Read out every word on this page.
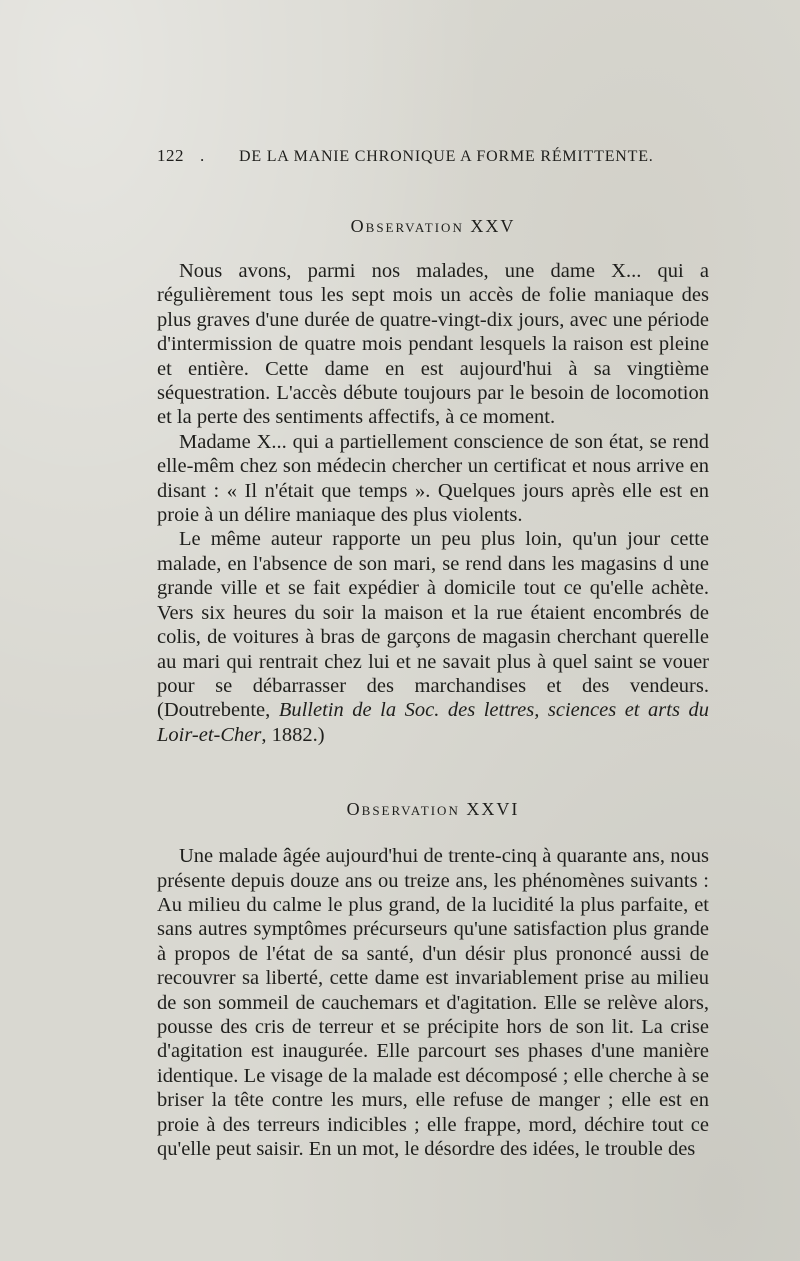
122 .	DE LA MANIE CHRONIQUE A FORME RÉMITTENTE.
Observation XXV

Nous avons, parmi nos malades, une dame X... qui a régulièrement tous les sept mois un accès de folie maniaque des plus graves d'une durée de quatre-vingt-dix jours, avec une période d'intermission de quatre mois pendant lesquels la raison est pleine et entière. Cette dame en est aujourd'hui à sa vingtième séquestration. L'accès débute toujours par le besoin de locomotion et la perte des sentiments affectifs, à ce moment.

Madame X... qui a partiellement conscience de son état, se rend elle-mêm chez son médecin chercher un certificat et nous arrive en disant : « Il n'était que temps ». Quelques jours après elle est en proie à un délire maniaque des plus violents.

Le même auteur rapporte un peu plus loin, qu'un jour cette malade, en l'absence de son mari, se rend dans les magasins d une grande ville et se fait expédier à domicile tout ce qu'elle achète. Vers six heures du soir la maison et la rue étaient encombrés de colis, de voitures à bras de garçons de magasin cherchant querelle au mari qui rentrait chez lui et ne savait plus à quel saint se vouer pour se débarrasser des marchandises et des vendeurs. (Doutrebente, Bulletin de la Soc. des lettres, sciences et arts du Loir-et-Cher, 1882.)

Observation XXVI

Une malade âgée aujourd'hui de trente-cinq à quarante ans, nous présente depuis douze ans ou treize ans, les phénomènes suivants : Au milieu du calme le plus grand, de la lucidité la plus parfaite, et sans autres symptômes précurseurs qu'une satisfaction plus grande à propos de l'état de sa santé, d'un désir plus prononcé aussi de recouvrer sa liberté, cette dame est invariablement prise au milieu de son sommeil de cauchemars et d'agitation. Elle se relève alors, pousse des cris de terreur et se précipite hors de son lit. La crise d'agitation est inaugurée. Elle parcourt ses phases d'une manière identique. Le visage de la malade est décomposé ; elle cherche à se briser la tête contre les murs, elle refuse de manger ; elle est en proie à des terreurs indicibles ; elle frappe, mord, déchire tout ce qu'elle peut saisir. En un mot, le désordre des idées, le trouble des
